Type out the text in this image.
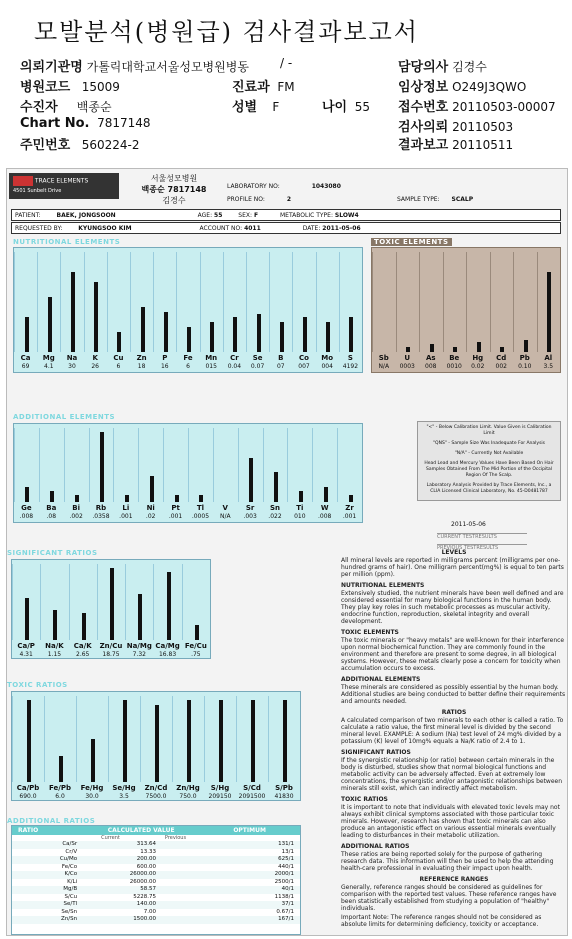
모발분석(병원급) 검사결과보고서
의뢰기관명 가톨릭대학교서울성모병원병동	/ -	담당의사 김경수
병원코드 15009	진료과 FM	임상정보 O249J3QWO
수진자 백종순	성별 F	나이 55 접수번호 20110503-00007
Chart No. 7817148	검사의뢰 20110503
주민번호 560224-2	결과보고 20110511
TRACE ELEMENTS
4501 Sunbelt Drive
서울성모병원
백종순 7817148
김경수
LABORATORY NO:	1043080
PROFILE NO:	2	SAMPLE TYPE: SCALP
PATIENT:	BAEK, JONGSOON	AGE: 55	SEX: F	METABOLIC TYPE: SLOW4
REQUESTED BY:	KYUNGSOO KIM	ACCOUNT NO: 4011	DATE: 2011-05-06
NUTRITIONAL ELEMENTS
Ca
69
Mg
4.1
Na
30
K
26
Cu
6
Zn
18
P
16
Fe
6
Mn
015
Cr
0.04
Se
0.07
B
07
Co
007
Mo
004
S
4192
TOXIC ELEMENTS
Sb
N/A
U
0003
As
008
Be
0010
Hg
0.02
Cd
002
Pb
0.10
Al
3.5
ADDITIONAL ELEMENTS
Ge
.008
Ba
.08
Bi
.002
Rb
.0358
Li
.001
Ni
.02
Pt
.001
Tl
.0005
V
N/A
Sr
.003
Sn
.022
Ti
010
W
.008
Zr
.001
"<" - Below Calibration Limit. Value Given is Calibration Limit
"QNS" - Sample Size Was Inadequate For Analysis
"N/A" - Currently Not Available
Head Lead and Mercury Values Have Been Based On Hair Samples Obtained From The Mid Portion of the Occipital Region Of The Scalp.
Laboratory Analysis Provided by Trace Elements, Inc., a CLIA Licensed Clinical Laboratory, No. 45-D0481787
2011-05-06
CURRENT TESTRESULTS
PREVIOUS TESTRESULTS
SIGNIFICANT RATIOS
Ca/P
4.31
Na/K
1.15
Ca/K
2.65
Zn/Cu
18.75
Na/Mg
7.32
Ca/Mg
16.83
Fe/Cu
.75
TOXIC RATIOS
Ca/Pb
690.0
Fe/Pb
6.0
Fe/Hg
30.0
Se/Hg
3.5
Zn/Cd
7500.0
Zn/Hg
750.0
S/Hg
209150
S/Cd
2091500
S/Pb
41830
ADDITIONAL RATIOS
RATIO	CALCULATED VALUE	OPTIMUM
Current	Previous
Ca/Sr	313.64	131/1
Cr/V	13.33	13/1
Cu/Mo	200.00	625/1
Fe/Co	600.00	440/1
K/Co	26000.00	2000/1
K/Li	26000.00	2500/1
Mg/B	58.57	40/1
S/Cu	5228.75	1138/1
Se/Tl	140.00	37/1
Se/Sn	7.00	0.67/1
Zn/Sn	1500.00	167/1
LEVELS
All mineral levels are reported in milligrams percent (milligrams per one-hundred grams of hair). One milligram percent(mg%) is equal to ten parts per million (ppm).
NUTRITIONAL ELEMENTS
Extensively studied, the nutrient minerals have been well defined and are considered essential for many biological functions in the human body. They play key roles in such metabolic processes as muscular activity, endocrine function, reproduction, skeletal integrity and overall development.
TOXIC ELEMENTS
The toxic minerals or "heavy metals" are well-known for their interference upon normal biochemical function. They are commonly found in the environment and therefore are present to some degree, in all biological systems. However, these metals clearly pose a concern for toxicity when accumulation occurs to excess.
ADDITIONAL ELEMENTS
These minerals are considered as possibly essential by the human body. Additional studies are being conducted to better define their requirements and amounts needed.
RATIOS
A calculated comparison of two minerals to each other is called a ratio. To calculate a ratio value, the first mineral level is divided by the second mineral level. EXAMPLE: A sodium (Na) test level of 24 mg% divided by a potassium (K) level of 10mg% equals a Na/K ratio of 2.4 to 1.
SIGNIFICANT RATIOS
If the synergistic relationship (or ratio) between certain minerals in the body is disturbed, studies show that normal biological functions and metabolic activity can be adversely affected. Even at extremely low concentrations, the synergistic and/or antagonistic relationships between minerals still exist, which can indirectly affect metabolism.
TOXIC RATIOS
It is important to note that individuals with elevated toxic levels may not always exhibit clinical symptoms associated with those particular toxic minerals. However, research has shown that toxic minerals can also produce an antagonistic effect on various essential minerals eventually leading to disturbances in their metabolic utilization.
ADDITIONAL RATIOS
These ratios are being reported solely for the purpose of gathering research data. This information will then be used to help the attending health-care professional in evaluating their impact upon health.
REFERENCE RANGES
Generally, reference ranges should be considered as guidelines for comparison with the reported test values. These reference ranges have been statistically established from studying a population of "healthy" individuals.
Important Note: The reference ranges should not be considered as absolute limits for determining deficiency, toxicity or acceptance.
